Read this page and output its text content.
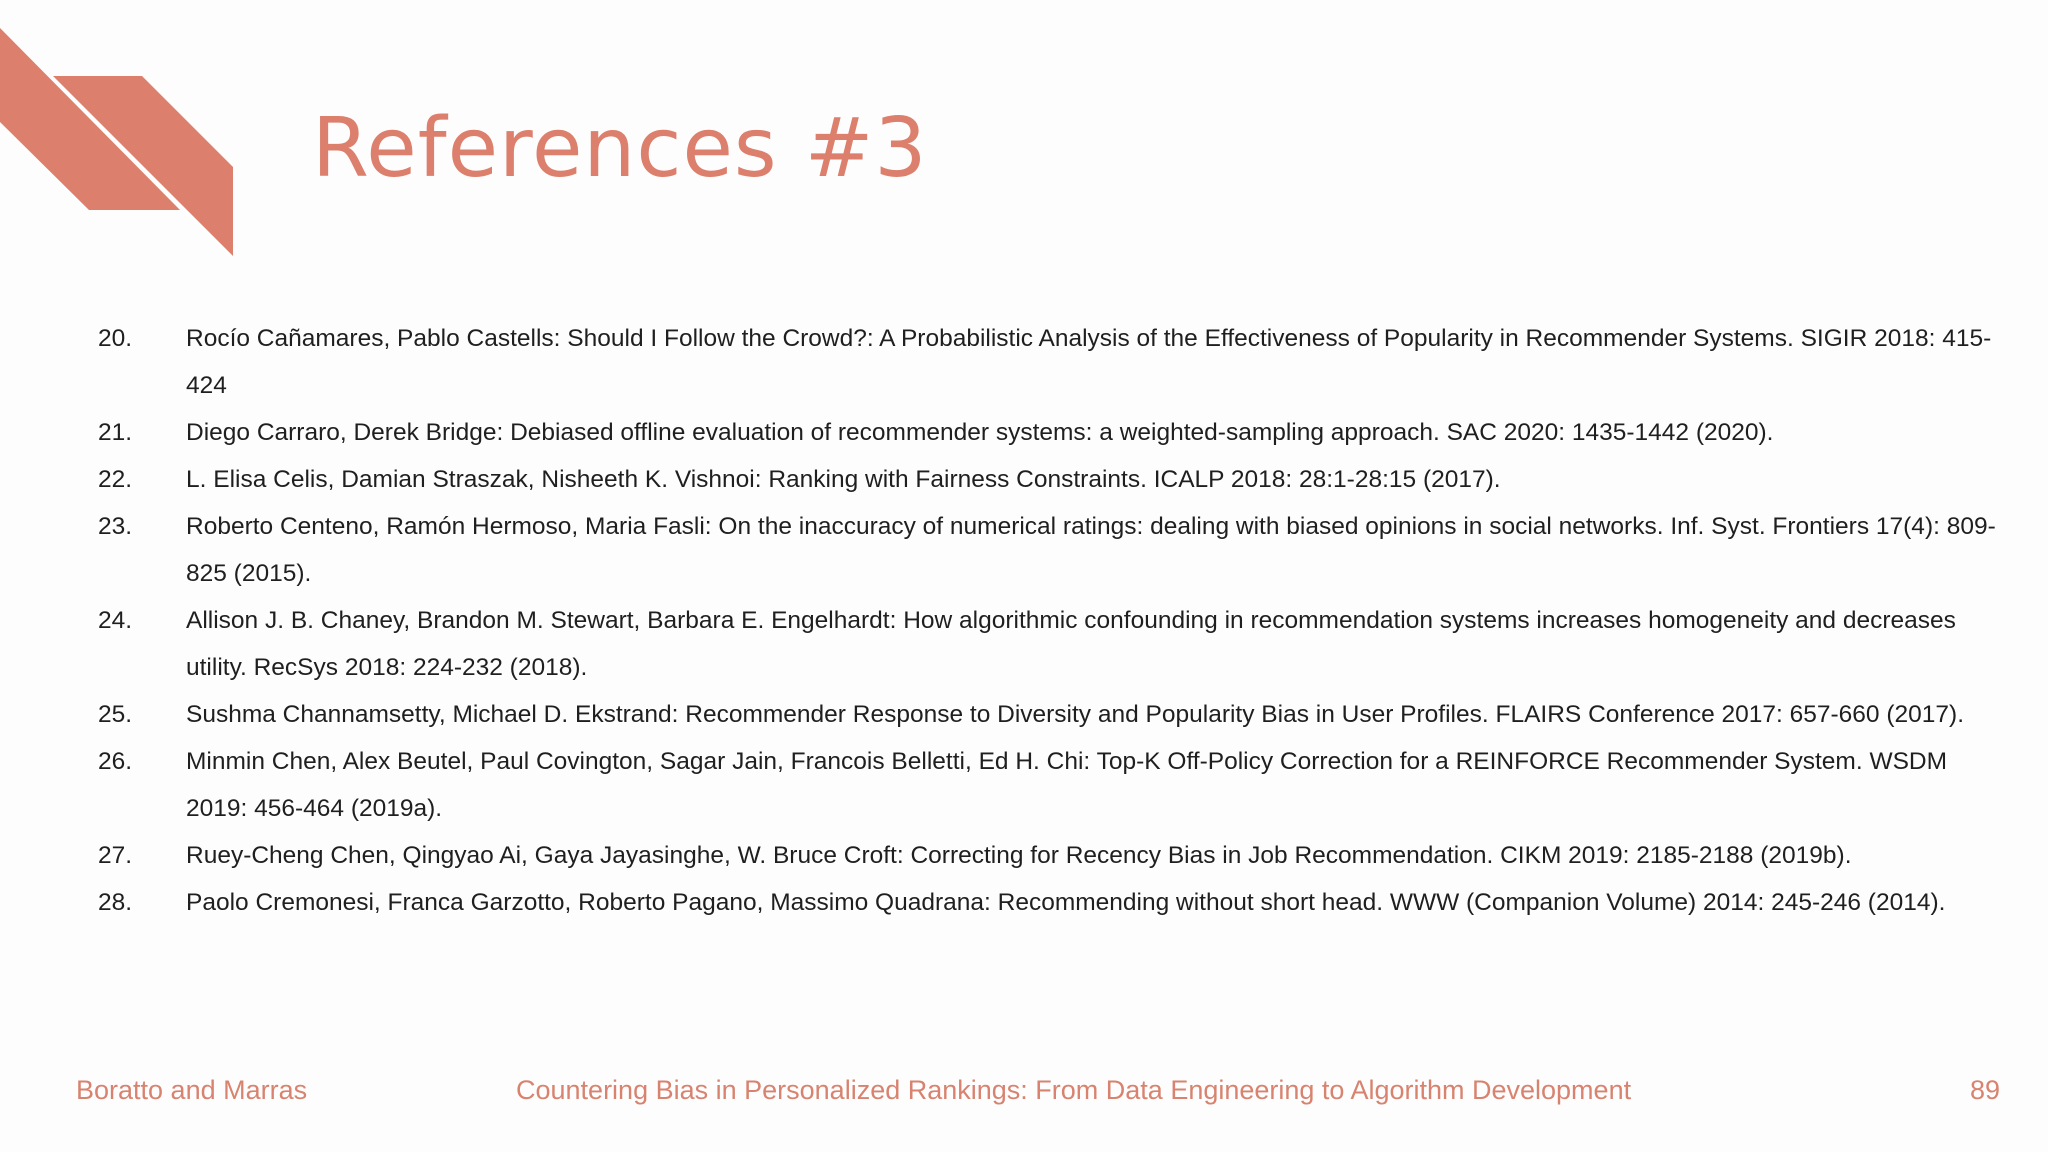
References #3
20.	Rocío Cañamares, Pablo Castells: Should I Follow the Crowd?: A Probabilistic Analysis of the Effectiveness of Popularity in Recommender Systems. SIGIR 2018: 415-424
21.	Diego Carraro, Derek Bridge: Debiased offline evaluation of recommender systems: a weighted-sampling approach. SAC 2020: 1435-1442 (2020).
22.	L. Elisa Celis, Damian Straszak, Nisheeth K. Vishnoi: Ranking with Fairness Constraints. ICALP 2018: 28:1-28:15 (2017).
23.	Roberto Centeno, Ramón Hermoso, Maria Fasli: On the inaccuracy of numerical ratings: dealing with biased opinions in social networks. Inf. Syst. Frontiers 17(4): 809-825 (2015).
24.	Allison J. B. Chaney, Brandon M. Stewart, Barbara E. Engelhardt: How algorithmic confounding in recommendation systems increases homogeneity and decreases utility. RecSys 2018: 224-232 (2018).
25.	Sushma Channamsetty, Michael D. Ekstrand: Recommender Response to Diversity and Popularity Bias in User Profiles. FLAIRS Conference 2017: 657-660 (2017).
26.	Minmin Chen, Alex Beutel, Paul Covington, Sagar Jain, Francois Belletti, Ed H. Chi: Top-K Off-Policy Correction for a REINFORCE Recommender System. WSDM 2019: 456-464 (2019a).
27.	Ruey-Cheng Chen, Qingyao Ai, Gaya Jayasinghe, W. Bruce Croft: Correcting for Recency Bias in Job Recommendation. CIKM 2019: 2185-2188 (2019b).
28.	Paolo Cremonesi, Franca Garzotto, Roberto Pagano, Massimo Quadrana: Recommending without short head. WWW (Companion Volume) 2014: 245-246 (2014).
Boratto and Marras	Countering Bias in Personalized Rankings: From Data Engineering to Algorithm Development	89
